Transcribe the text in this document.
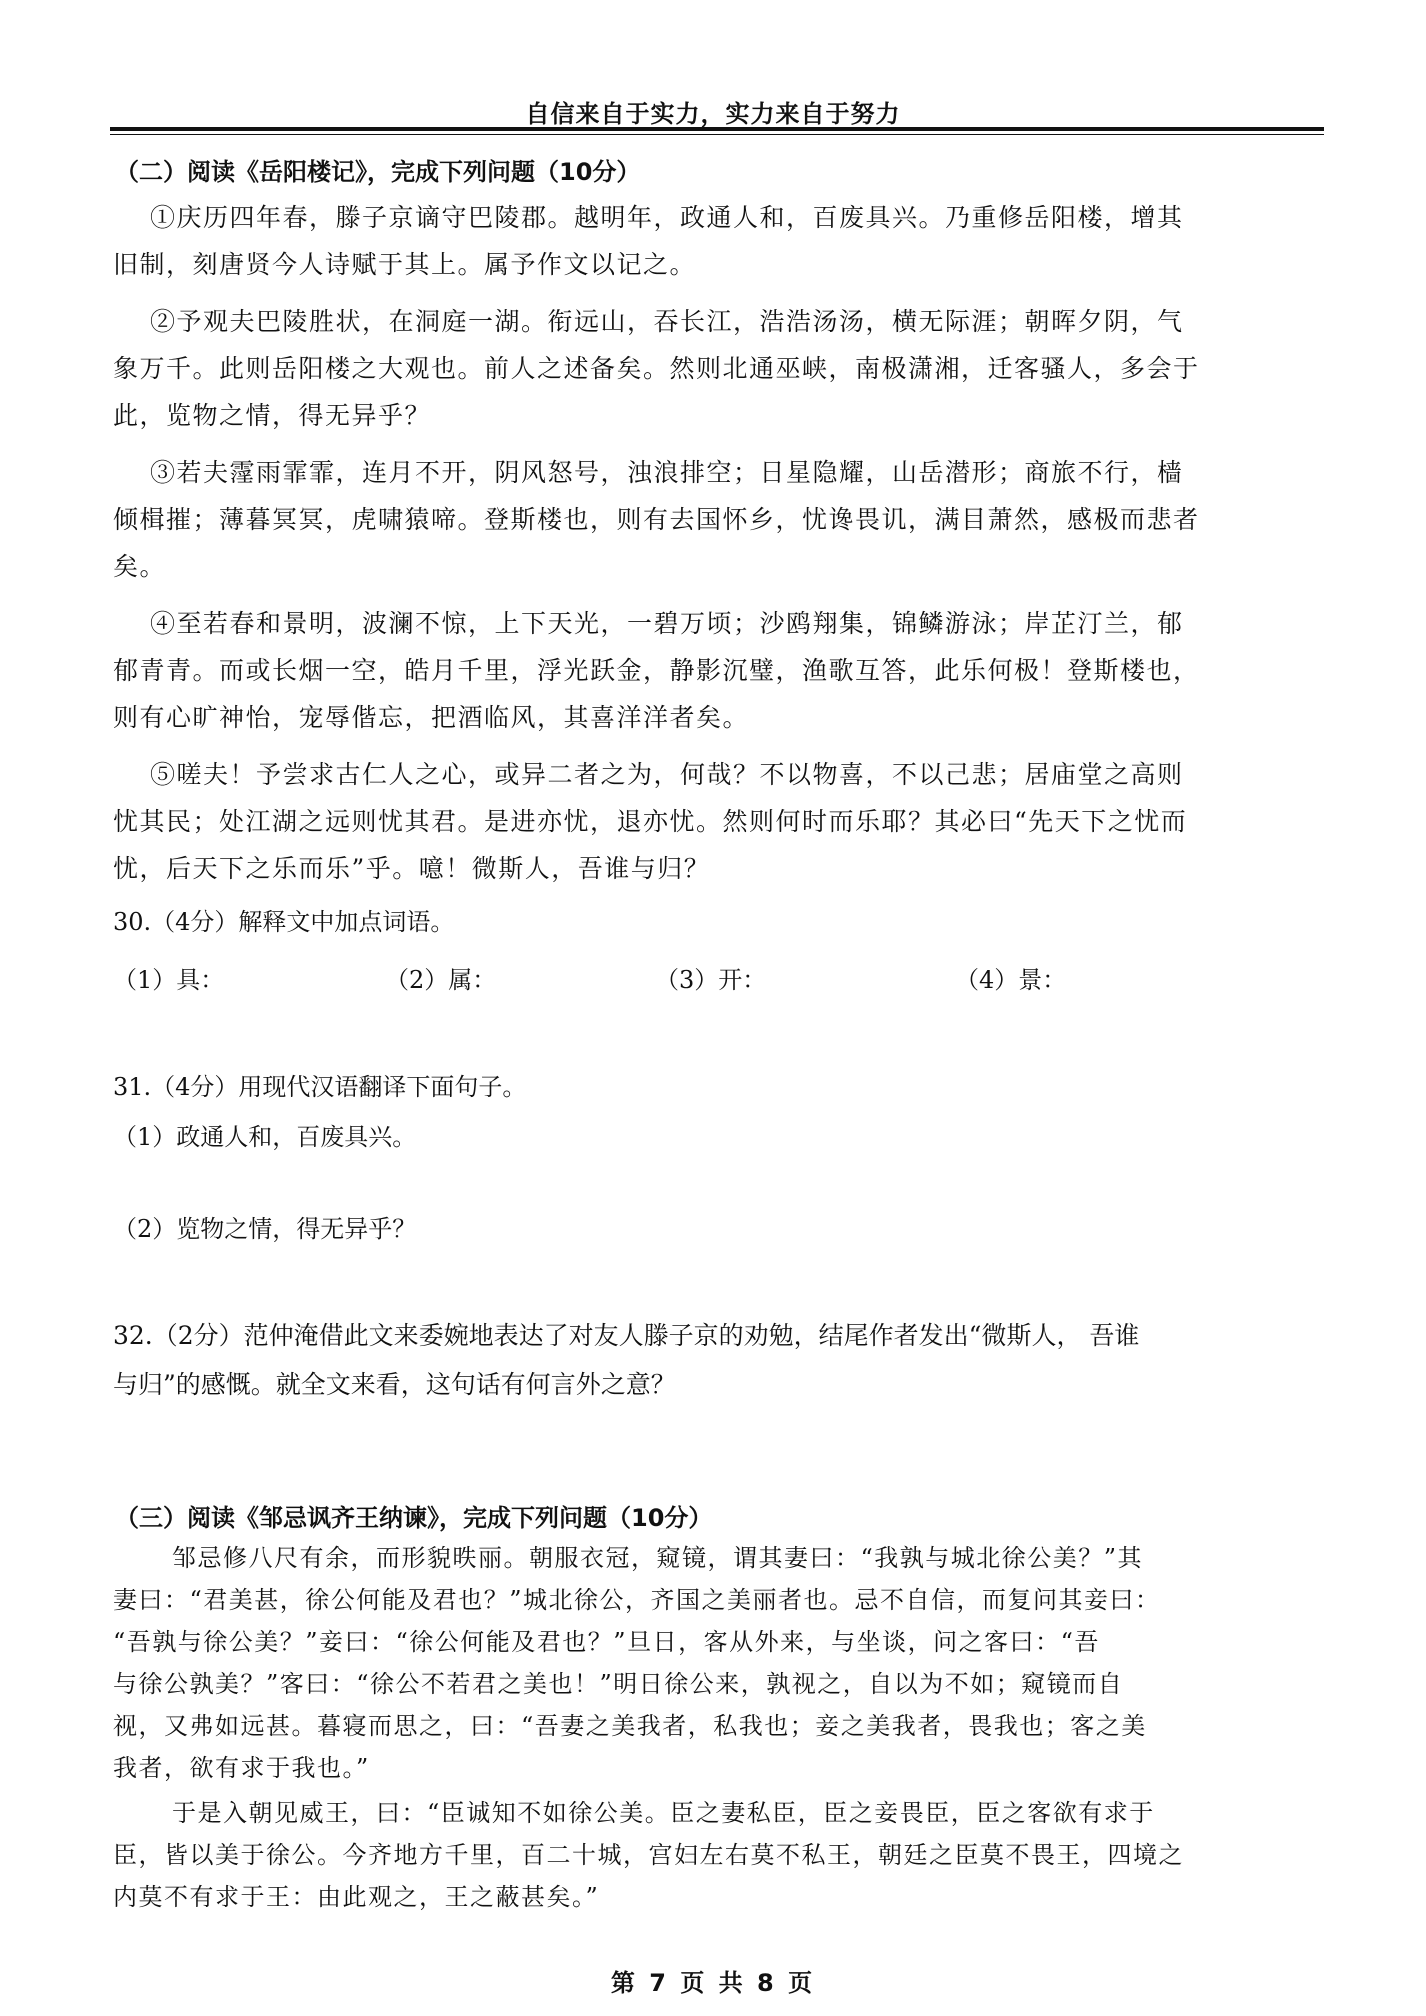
自信来自于实力，实力来自于努力
（二）阅读《岳阳楼记》，完成下列问题（10分）
①庆历四年春，滕子京谪守巴陵郡。越明年，政通人和，百废具兴。乃重修岳阳楼，增其
旧制，刻唐贤今人诗赋于其上。属予作文以记之。
②予观夫巴陵胜状，在洞庭一湖。衔远山，吞长江，浩浩汤汤，横无际涯；朝晖夕阴，气
象万千。此则岳阳楼之大观也。前人之述备矣。然则北通巫峡，南极潇湘，迁客骚人，多会于
此，览物之情，得无异乎？
③若夫霪雨霏霏，连月不开，阴风怒号，浊浪排空；日星隐耀，山岳潜形；商旅不行，樯
倾楫摧；薄暮冥冥，虎啸猿啼。登斯楼也，则有去国怀乡，忧谗畏讥，满目萧然，感极而悲者
矣。
④至若春和景明，波澜不惊，上下天光，一碧万顷；沙鸥翔集，锦鳞游泳；岸芷汀兰，郁
郁青青。而或长烟一空，皓月千里，浮光跃金，静影沉璧，渔歌互答，此乐何极！登斯楼也，
则有心旷神怡，宠辱偕忘，把酒临风，其喜洋洋者矣。
⑤嗟夫！予尝求古仁人之心，或异二者之为，何哉？不以物喜，不以己悲；居庙堂之高则
忧其民；处江湖之远则忧其君。是进亦忧，退亦忧。然则何时而乐耶？其必曰“先天下之忧而
忧，后天下之乐而乐”乎。噫！微斯人，吾谁与归？
30.（4分）解释文中加点词语。
（1）具：	（2）属：	（3）开：	（4）景：
31.（4分）用现代汉语翻译下面句子。
（1）政通人和，百废具兴。
（2）览物之情，得无异乎？
32.（2分）范仲淹借此文来委婉地表达了对友人滕子京的劝勉，结尾作者发出“微斯人， 吾谁
与归”的感慨。就全文来看，这句话有何言外之意？
（三）阅读《邹忌讽齐王纳谏》，完成下列问题（10分）
邹忌修八尺有余，而形貌昳丽。朝服衣冠，窥镜，谓其妻曰：“我孰与城北徐公美？”其
妻曰：“君美甚，徐公何能及君也？”城北徐公，齐国之美丽者也。忌不自信，而复问其妾曰：
“吾孰与徐公美？”妾曰：“徐公何能及君也？”旦日，客从外来，与坐谈，问之客曰：“吾
与徐公孰美？”客曰：“徐公不若君之美也！”明日徐公来，孰视之，自以为不如；窥镜而自
视，又弗如远甚。暮寝而思之，曰：“吾妻之美我者，私我也；妾之美我者，畏我也；客之美
我者，欲有求于我也。”
于是入朝见威王，曰：“臣诚知不如徐公美。臣之妻私臣，臣之妾畏臣，臣之客欲有求于
臣，皆以美于徐公。今齐地方千里，百二十城，宫妇左右莫不私王，朝廷之臣莫不畏王，四境之
内莫不有求于王：由此观之，王之蔽甚矣。”
第 7 页 共 8 页
